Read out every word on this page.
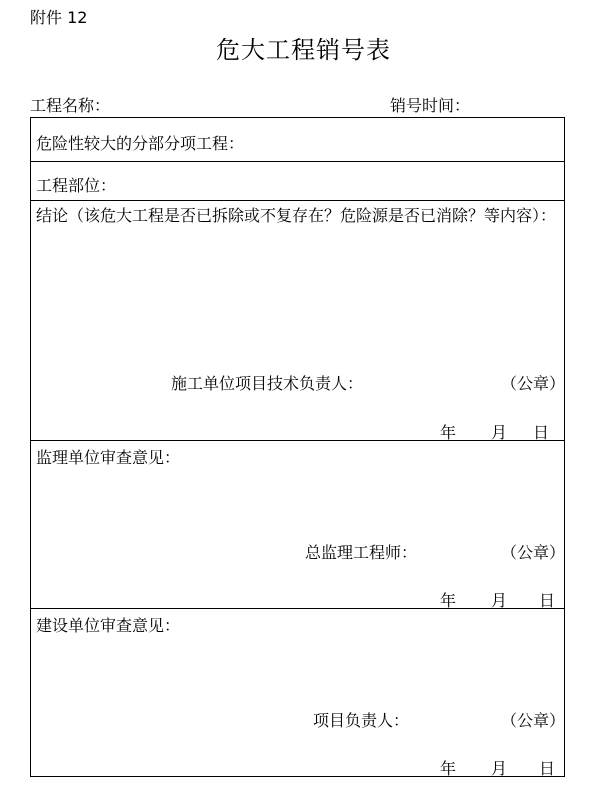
附件 12
危大工程销号表
工程名称：	销号时间：
危险性较大的分部分项工程：
工程部位：
结论（该危大工程是否已拆除或不复存在？危险源是否已消除？等内容）：
施工单位项目技术负责人：	（公章）
年 月 日
监理单位审查意见：
总监理工程师：	（公章）
年 月 日
建设单位审查意见：
项目负责人：	（公章）
年 月 日
